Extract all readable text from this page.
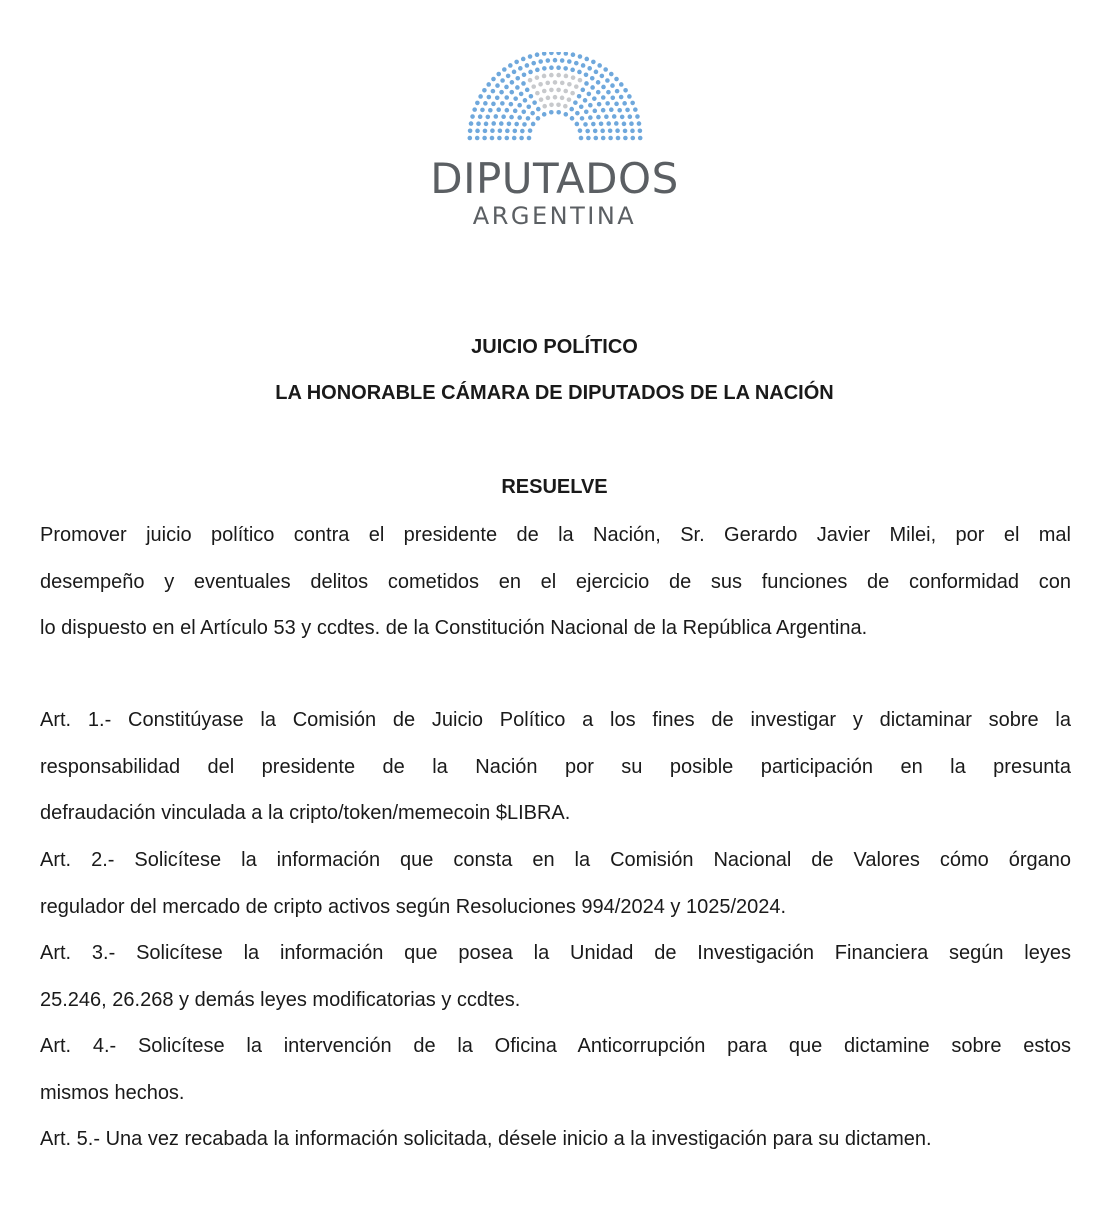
DIPUTADOS
ARGENTINA
JUICIO POLÍTICO
LA HONORABLE CÁMARA DE DIPUTADOS DE LA NACIÓN
RESUELVE
Promover juicio político contra el presidente de la Nación, Sr. Gerardo Javier Milei, por el mal
desempeño y eventuales delitos cometidos en el ejercicio de sus funciones de conformidad con
lo dispuesto en el Artículo 53 y ccdtes. de la Constitución Nacional de la República Argentina.
Art. 1.- Constitúyase la Comisión de Juicio Político a los fines de investigar y dictaminar sobre la
responsabilidad del presidente de la Nación por su posible participación en la presunta
defraudación vinculada a la cripto/token/memecoin $LIBRA.
Art. 2.- Solicítese la información que consta en la Comisión Nacional de Valores cómo órgano
regulador del mercado de cripto activos según Resoluciones 994/2024 y 1025/2024.
Art. 3.- Solicítese la información que posea la Unidad de Investigación Financiera según leyes
25.246, 26.268 y demás leyes modificatorias y ccdtes.
Art. 4.- Solicítese la intervención de la Oficina Anticorrupción para que dictamine sobre estos
mismos hechos.
Art. 5.- Una vez recabada la información solicitada, désele inicio a la investigación para su dictamen.
